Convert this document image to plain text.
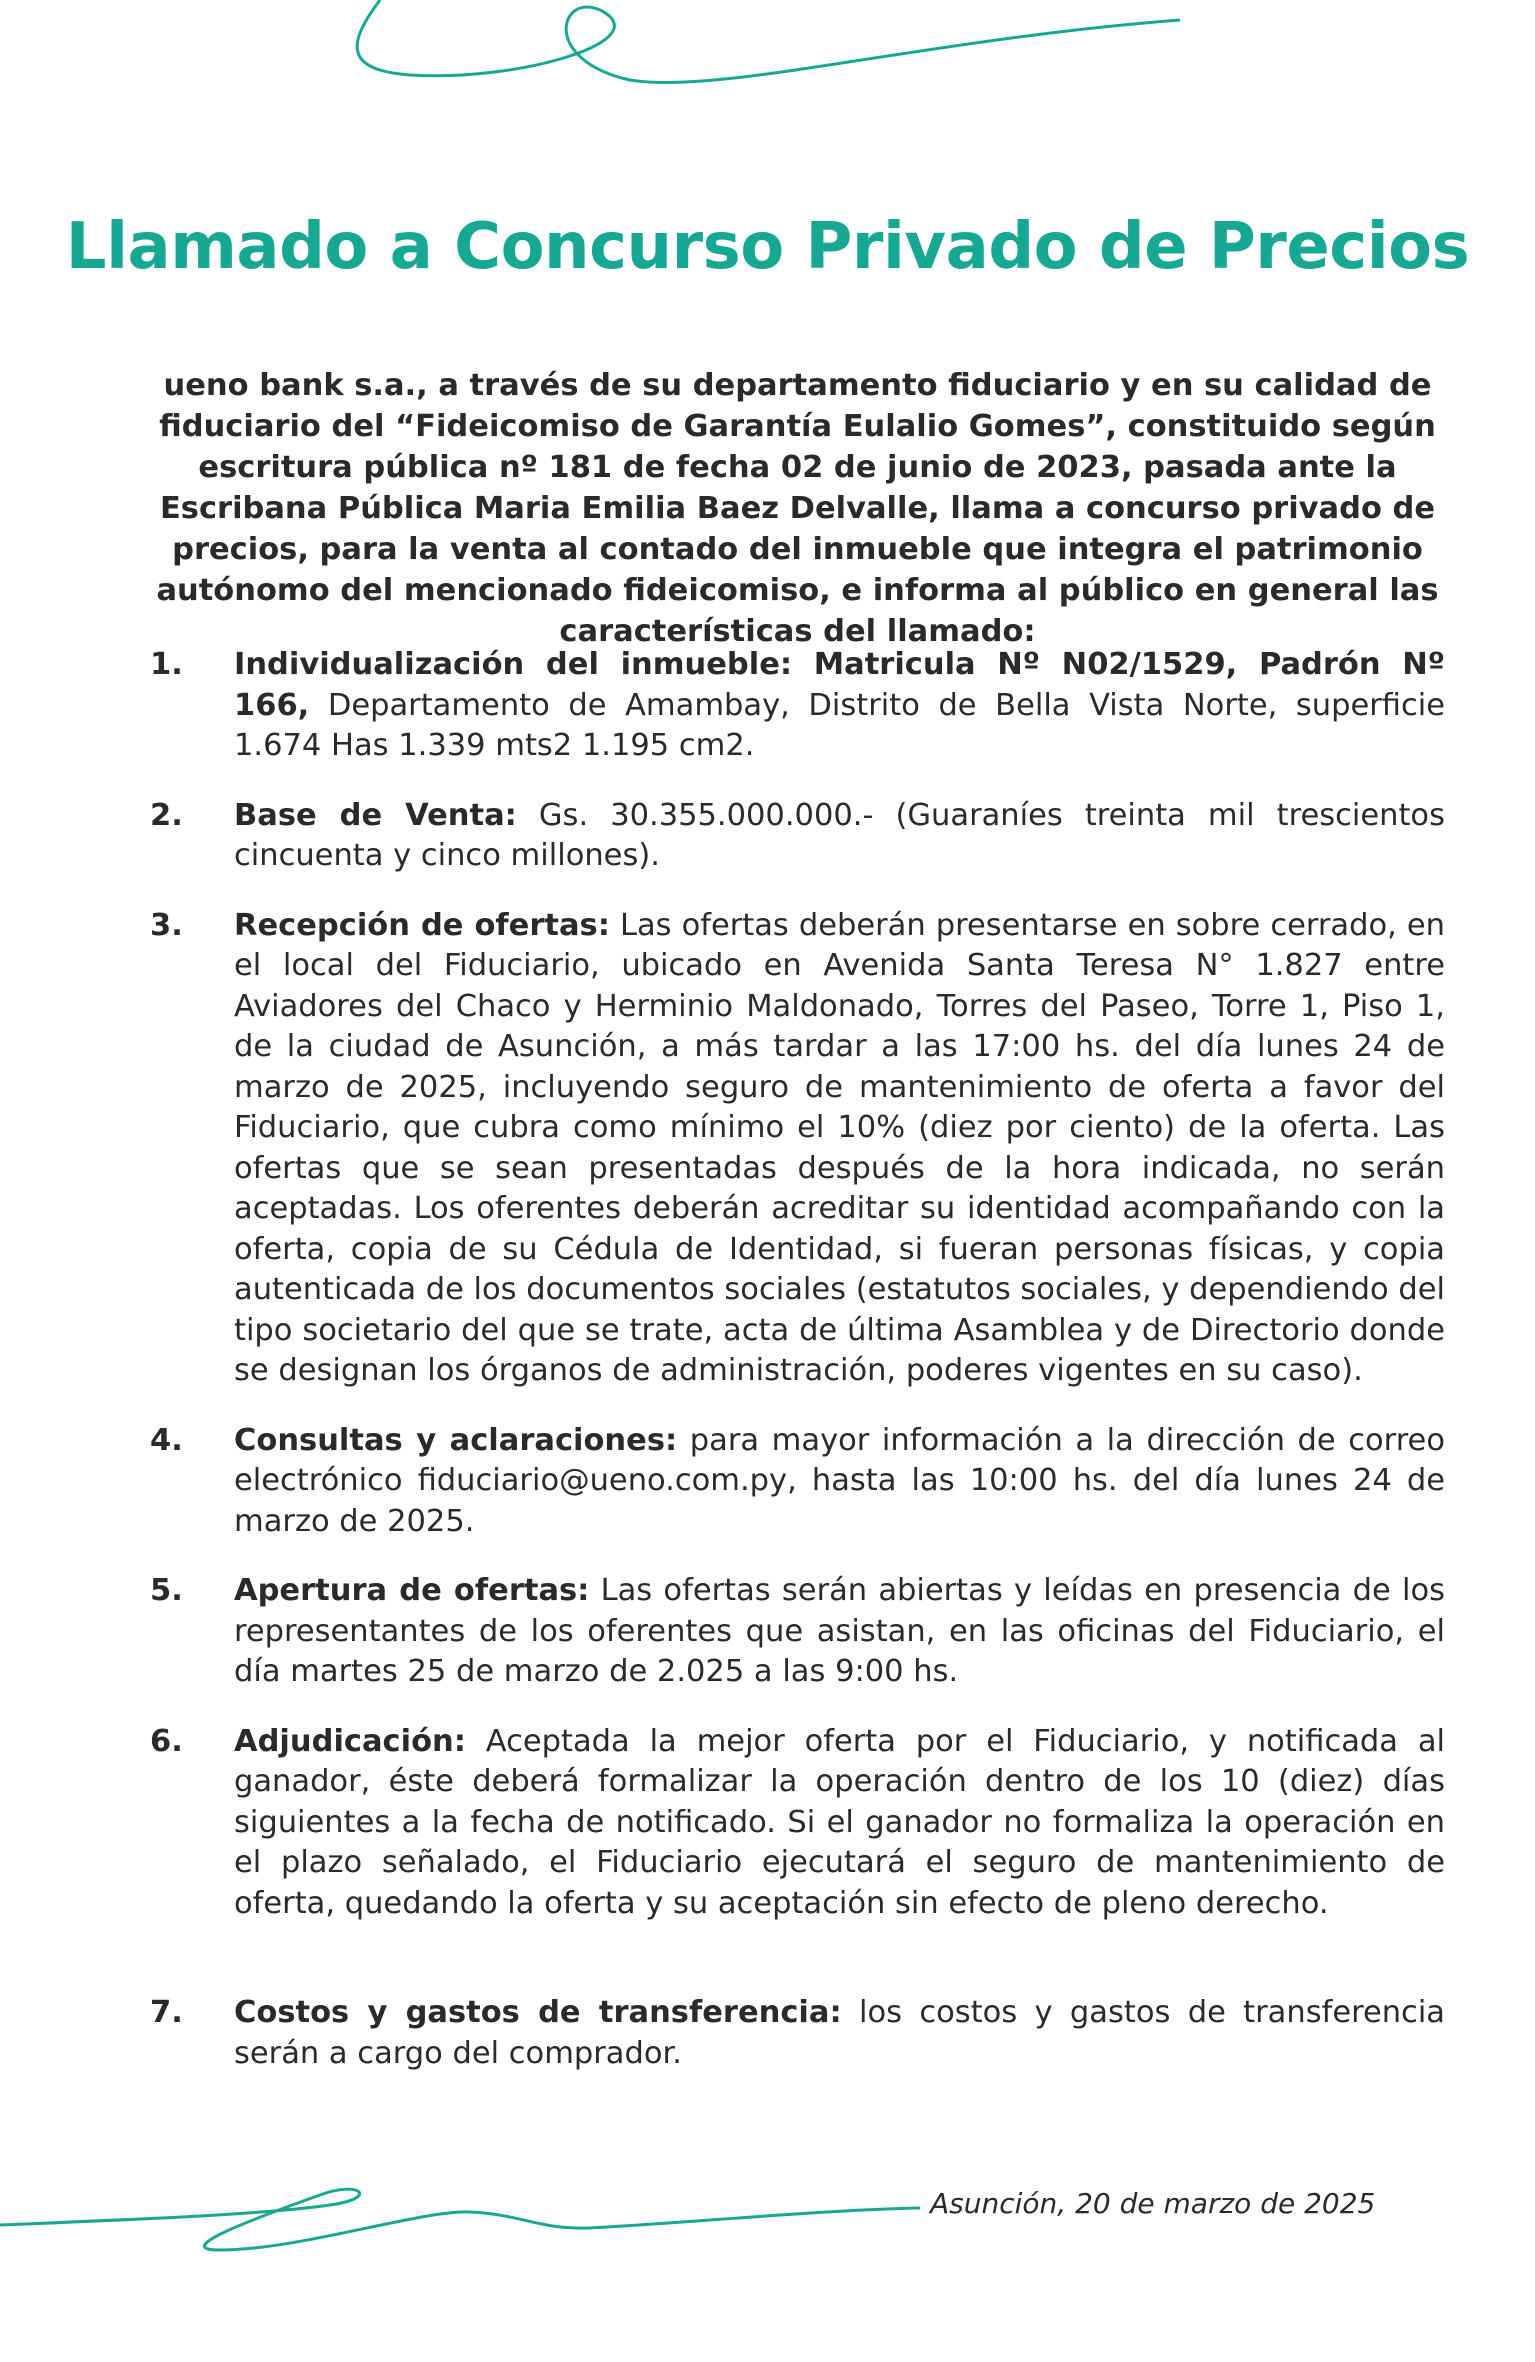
Llamado a Concurso Privado de Precios

ueno bank s.a., a través de su departamento fiduciario y en su calidad de fiduciario del “Fideicomiso de Garantía Eulalio Gomes”, constituido según escritura pública nº 181 de fecha 02 de junio de 2023, pasada ante la Escribana Pública Maria Emilia Baez Delvalle, llama a concurso privado de precios, para la venta al contado del inmueble que integra el patrimonio autónomo del mencionado fideicomiso, e informa al público en general las características del llamado:

1.	Individualización del inmueble: Matricula Nº N02/1529, Padrón Nº 166, Departamento de Amambay, Distrito de Bella Vista Norte, superficie 1.674 Has 1.339 mts2 1.195 cm2.
2.	Base de Venta: Gs. 30.355.000.000.- (Guaraníes treinta mil trescientos cincuenta y cinco millones).
3.	Recepción de ofertas: Las ofertas deberán presentarse en sobre cerrado, en el local del Fiduciario, ubicado en Avenida Santa Teresa N° 1.827 entre Aviadores del Chaco y Herminio Maldonado, Torres del Paseo, Torre 1, Piso 1, de la ciudad de Asunción, a más tardar a las 17:00 hs. del día lunes 24 de marzo de 2025, incluyendo seguro de mantenimiento de oferta a favor del Fiduciario, que cubra como mínimo el 10% (diez por ciento) de la oferta. Las ofertas que se sean presentadas después de la hora indicada, no serán aceptadas. Los oferentes deberán acreditar su identidad acompañando con la oferta, copia de su Cédula de Identidad, si fueran personas físicas, y copia autenticada de los documentos sociales (estatutos sociales, y dependiendo del tipo societario del que se trate, acta de última Asamblea y de Directorio donde se designan los órganos de administración, poderes vigentes en su caso).
4.	Consultas y aclaraciones: para mayor información a la dirección de correo electrónico fiduciario@ueno.com.py, hasta las 10:00 hs. del día lunes 24 de marzo de 2025.
5.	Apertura de ofertas: Las ofertas serán abiertas y leídas en presencia de los representantes de los oferentes que asistan, en las oficinas del Fiduciario, el día martes 25 de marzo de 2.025 a las 9:00 hs.
6.	Adjudicación: Aceptada la mejor oferta por el Fiduciario, y notificada al ganador, éste deberá formalizar la operación dentro de los 10 (diez) días siguientes a la fecha de notificado. Si el ganador no formaliza la operación en el plazo señalado, el Fiduciario ejecutará el seguro de mantenimiento de oferta, quedando la oferta y su aceptación sin efecto de pleno derecho.
7.	Costos y gastos de transferencia: los costos y gastos de transferencia serán a cargo del comprador.
Asunción, 20 de marzo de 2025
